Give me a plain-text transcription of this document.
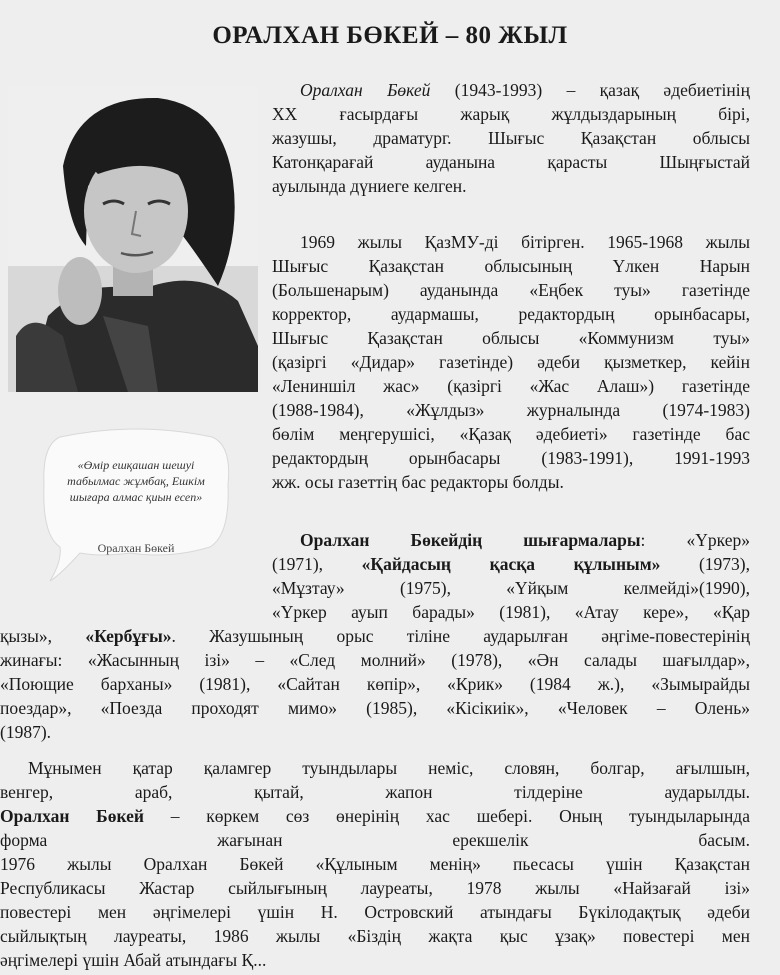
ОРАЛХАН БӨКЕЙ – 80 ЖЫЛ
«Өмір ешқашан шешуі табылмас жұмбақ, Ешкім шығара алмас қиын есеп»
Оралхан Бөкей

Оралхан Бөкей (1943-1993) – қазақ әдебиетінің

ХХ ғасырдағы жарық жұлдыздарының бірі,

жазушы, драматург. Шығыс Қазақстан облысы

Катонқарағай ауданына қарасты Шыңғыстай

ауылында дүниеге келген.

1969 жылы ҚазМУ-ді бітірген. 1965-1968 жылы

Шығыс Қазақстан облысының Үлкен Нарын

(Большенарым) ауданында «Еңбек туы» газетінде

корректор, аудармашы, редактордың орынбасары,

Шығыс Қазақстан облысы «Коммунизм туы»

(қазіргі «Дидар» газетінде) әдеби қызметкер, кейін

«Лениншіл жас» (қазіргі «Жас Алаш») газетінде

(1988-1984), «Жұлдыз» журналында (1974-1983)

бөлім меңгерушісі, «Қазақ әдебиеті» газетінде бас

редактордың орынбасары (1983-1991), 1991-1993

жж. осы газеттің бас редакторы болды.

Оралхан Бөкейдің шығармалары: «Үркер»

(1971), «Қайдасың қасқа құлыным» (1973),

«Мұзтау» (1975), «Үйқым келмейді»(1990),

«Үркер ауып барады» (1981), «Атау кере», «Қар

қызы», «Кербұғы». Жазушының орыс тіліне аударылған әңгіме-повестерінің

жинағы: «Жасынның ізі» – «След молний» (1978), «Ән салады шағылдар»,

«Поющие барханы» (1981), «Сайтан көпір», «Крик» (1984 ж.), «Зымырайды

поездар», «Поезда проходят мимо» (1985), «Кісікиік», «Человек – Олень»

(1987).

Мұнымен қатар қаламгер туындылары неміс, словян, болгар, ағылшын,

венгер, араб, қытай, жапон тілдеріне аударылды.

Оралхан Бөкей – көркем сөз өнерінің хас шебері. Оның туындыларында

форма жағынан ерекшелік басым.

1976 жылы Оралхан Бөкей «Құлыным менің» пьесасы үшін Қазақстан

Республикасы Жастар сыйлығының лауреаты, 1978 жылы «Найзағай ізі»

повестері мен әңгімелері үшін Н. Островский атындағы Бүкілодақтық әдеби

сыйлықтың лауреаты, 1986 жылы «Біздің жақта қыс ұзақ» повестері мен

әңгімелері үшін Абай атындағы Қ...
